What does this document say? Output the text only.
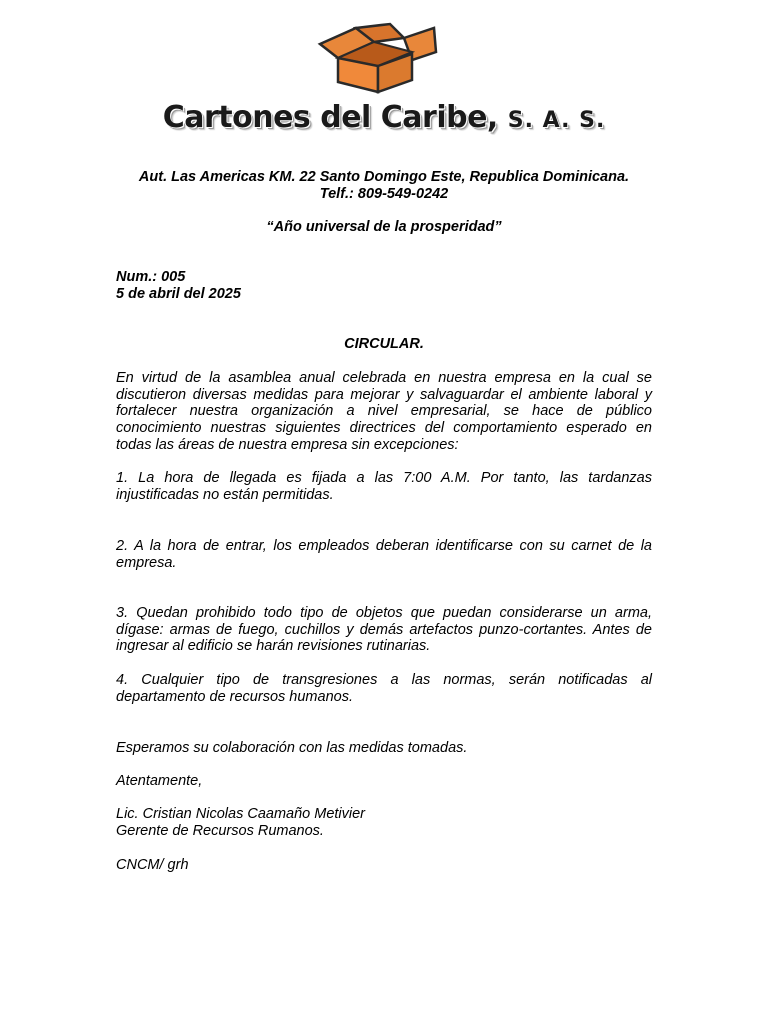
Cartones del Caribe, S. A. S.
Aut. Las Americas KM. 22 Santo Domingo Este, Republica Dominicana.
Telf.: 809-549-0242
“Año universal de la prosperidad”
Num.: 005
5 de abril del 2025
CIRCULAR.
En virtud de la asamblea anual celebrada en nuestra empresa en la cual se discutieron diversas medidas para mejorar y salvaguardar el ambiente laboral y fortalecer nuestra organización a nivel empresarial, se hace de público conocimiento nuestras siguientes directrices del comportamiento esperado en todas las áreas de nuestra empresa sin excepciones:
1. La hora de llegada es fijada a las 7:00 A.M. Por tanto, las tardanzas injustificadas no están permitidas.
2. A la hora de entrar, los empleados deberan identificarse con su carnet de la empresa.
3. Quedan prohibido todo tipo de objetos que puedan considerarse un arma, dígase: armas de fuego, cuchillos y demás artefactos punzo-cortantes. Antes de ingresar al edificio se harán revisiones rutinarias.
4. Cualquier tipo de transgresiones a las normas, serán notificadas al departamento de recursos humanos.
Esperamos su colaboración con las medidas tomadas.
Atentamente,
Lic. Cristian Nicolas Caamaño Metivier
Gerente de Recursos Rumanos.
CNCM/ grh
